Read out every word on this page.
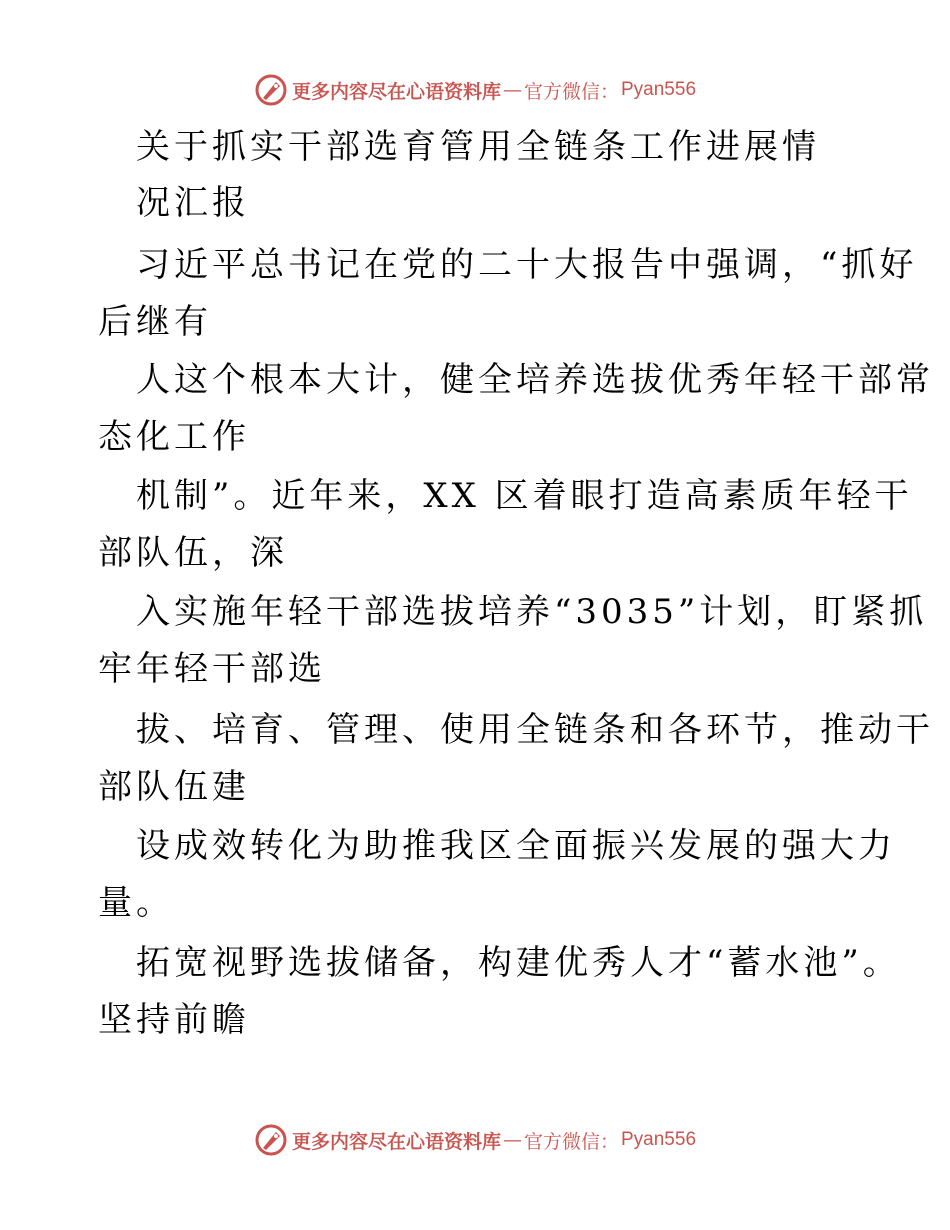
更多内容尽在心语资料库 — 官方微信： Pyan556
关于抓实干部选育管用全链条工作进展情
况汇报
习近平总书记在党的二十大报告中强调，“抓好
后继有
人这个根本大计，健全培养选拔优秀年轻干部常
态化工作
机制”。近年来，XX 区着眼打造高素质年轻干
部队伍，深
入实施年轻干部选拔培养“3035”计划，盯紧抓
牢年轻干部选
拔、培育、管理、使用全链条和各环节，推动干
部队伍建
设成效转化为助推我区全面振兴发展的强大力
量。
拓宽视野选拔储备，构建优秀人才“蓄水池”。
坚持前瞻
更多内容尽在心语资料库 — 官方微信： Pyan556
